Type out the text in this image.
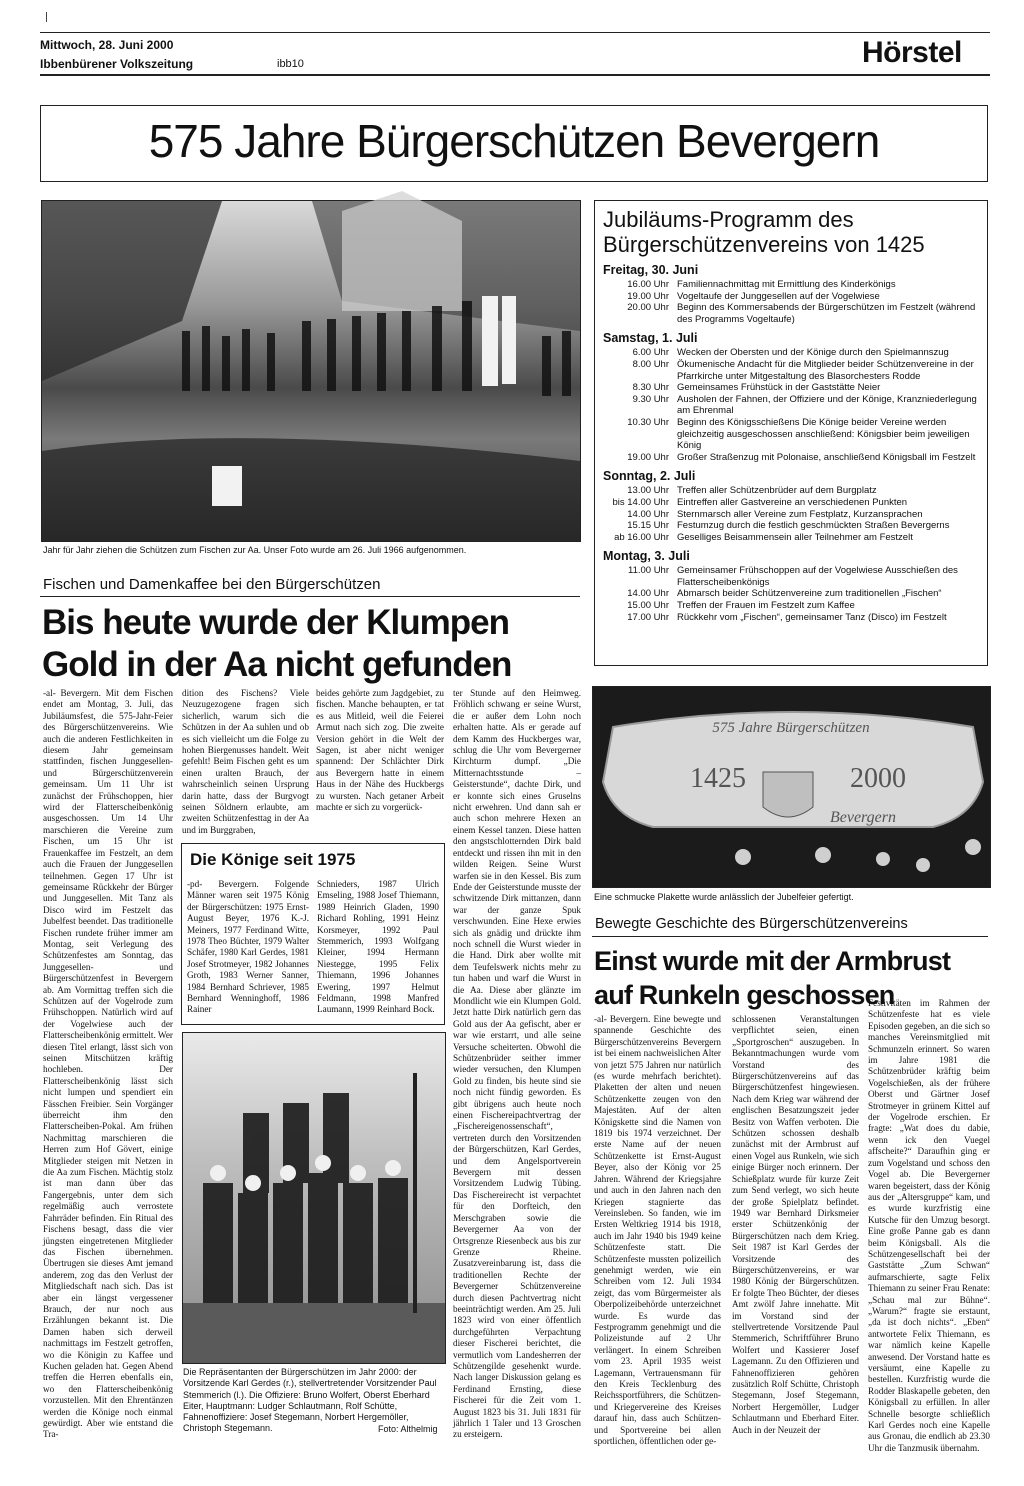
Mittwoch, 28. Juni 2000
Ibbenbürener Volkszeitung	ibb10	Hörstel
575 Jahre Bürgerschützen Bevergern
Jahr für Jahr ziehen die Schützen zum Fischen zur Aa. Unser Foto wurde am 26. Juli 1966 aufgenommen.
Fischen und Damenkaffee bei den Bürgerschützen
Bis heute wurde der Klumpen Gold in der Aa nicht gefunden
-al- Bevergern. Mit dem Fischen endet am Montag, 3. Juli, das Jubiläumsfest, die 575-Jahr-Feier des Bürgerschützenvereins. Wie auch die anderen Festlichkeiten in diesem Jahr gemeinsam stattfinden, fischen Junggesellen- und Bürgerschützenverein gemeinsam. Um 11 Uhr ist zunächst der Frühschoppen, hier wird der Flatterscheibenkönig ausgeschossen. Um 14 Uhr marschieren die Vereine zum Fischen, um 15 Uhr ist Frauenkaffee im Festzelt, an dem auch die Frauen der Junggesellen teilnehmen. Gegen 17 Uhr ist gemeinsame Rückkehr der Bürger und Junggesellen. Mit Tanz als Disco wird im Festzelt das Jubelfest beendet. Das traditionelle Fischen rundete früher immer am Montag, seit Verlegung des Schützenfestes am Sonntag, das Junggesellen- und Bürgerschützenfest in Bevergern ab. Am Vormittag treffen sich die Schützen auf der Vogelrode zum Frühschoppen. Natürlich wird auf der Vogelwiese auch der Flatterscheibenkönig ermittelt. Wer diesen Titel erlangt, lässt sich von seinen Mitschützen kräftig hochleben. Der Flatterscheibenkönig lässt sich nicht lumpen und spendiert ein Fässchen Freibier. Sein Vorgänger überreicht ihm den Flatterscheiben-Pokal. Am frühen Nachmittag marschieren die Herren zum Hof Gövert, einige Mitglieder steigen mit Netzen in die Aa zum Fischen. Mächtig stolz ist man dann über das Fangergebnis, unter dem sich regelmäßig auch verrostete Fahrräder befinden. Ein Ritual des Fischens besagt, dass die vier jüngsten eingetretenen Mitglieder das Fischen übernehmen. Übertrugen sie dieses Amt jemand anderem, zog das den Verlust der Mitgliedschaft nach sich. Das ist aber ein längst vergessener Brauch, der nur noch aus Erzählungen bekannt ist. Die Damen haben sich derweil nachmittags im Festzelt getroffen, wo die Königin zu Kaffee und Kuchen geladen hat. Gegen Abend treffen die Herren ebenfalls ein, wo den Flatterscheibenkönig vorzustellen. Mit den Ehrentänzen werden die Könige noch einmal gewürdigt. Aber wie entstand die Tra-
dition des Fischens? Viele Neuzugezogene fragen sich sicherlich, warum sich die Schützen in der Aa suhlen und ob es sich vielleicht um die Folge zu hohen Biergenusses handelt. Weit gefehlt! Beim Fischen geht es um einen uralten Brauch, der wahrscheinlich seinen Ursprung darin hatte, dass der Burgvogt seinen Söldnern erlaubte, am zweiten Schützenfesttag in der Aa und im Burggraben,
beides gehörte zum Jagdgebiet, zu fischen. Manche behaupten, er tat es aus Mitleid, weil die Feierei Armut nach sich zog. Die zweite Version gehört in die Welt der Sagen, ist aber nicht weniger spannend: Der Schlächter Dirk aus Bevergern hatte in einem Haus in der Nähe des Huckbergs zu wursten. Nach getaner Arbeit machte er sich zu vorgerück-
ter Stunde auf den Heimweg. Fröhlich schwang er seine Wurst, die er außer dem Lohn noch erhalten hatte. Als er gerade auf dem Kamm des Huckberges war, schlug die Uhr vom Bevergerner Kirchturm dumpf. „Die Mitternachtsstunde – Geisterstunde“, dachte Dirk, und er konnte sich eines Gruselns nicht erwehren. Und dann sah er auch schon mehrere Hexen an einem Kessel tanzen. Diese hatten den angstschlotternden Dirk bald entdeckt und rissen ihn mit in den wilden Reigen. Seine Wurst warfen sie in den Kessel. Bis zum Ende der Geisterstunde musste der schwitzende Dirk mittanzen, dann war der ganze Spuk verschwunden. Eine Hexe erwies sich als gnädig und drückte ihm noch schnell die Wurst wieder in die Hand. Dirk aber wollte mit dem Teufelswerk nichts mehr zu tun haben und warf die Wurst in die Aa. Diese aber glänzte im Mondlicht wie ein Klumpen Gold. Jetzt hatte Dirk natürlich gern das Gold aus der Aa gefischt, aber er war wie erstarrt, und alle seine Versuche scheiterten. Obwohl die Schützenbrüder seither immer wieder versuchen, den Klumpen Gold zu finden, bis heute sind sie noch nicht fündig geworden. Es gibt übrigens auch heute noch einen Fischereipachtvertrag der „Fischereigenossenschaft“, vertreten durch den Vorsitzenden der Bürgerschützen, Karl Gerdes, und dem Angelsportverein Bevergern mit dessen Vorsitzendem Ludwig Tübing. Das Fischereirecht ist verpachtet für den Dorfteich, den Merschgraben sowie die Bevergerner Aa von der Ortsgrenze Riesenbeck aus bis zur Grenze Rheine. Zusatzvereinbarung ist, dass die traditionellen Rechte der Bevergerner Schützenvereine durch diesen Pachtvertrag nicht beeinträchtigt werden. Am 25. Juli 1823 wird von einer öffentlich durchgeführten Verpachtung dieser Fischerei berichtet, die vermutlich vom Landesherren der Schützengilde gesehenkt wurde. Nach langer Diskussion gelang es Ferdinand Ernsting, diese Fischerei für die Zeit vom 1. August 1823 bis 31. Juli 1831 für jährlich 1 Taler und 13 Groschen zu ersteigern.
Die Könige seit 1975
-pd- Bevergern. Folgende Männer waren seit 1975 König der Bürgerschützen: 1975 Ernst-August Beyer, 1976 K.-J. Meiners, 1977 Ferdinand Witte, 1978 Theo Büchter, 1979 Walter Schäfer, 1980 Karl Gerdes, 1981 Josef Strotmeyer, 1982 Johannes Groth, 1983 Werner Sanner, 1984 Bernhard Schriever, 1985 Bernhard Wenninghoff, 1986 Rainer
Schnieders, 1987 Ulrich Emseling, 1988 Josef Thiemann, 1989 Heinrich Gladen, 1990 Richard Rohling, 1991 Heinz Korsmeyer, 1992 Paul Stemmerich, 1993 Wolfgang Kleiner, 1994 Hermann Niestegge, 1995 Felix Thiemann, 1996 Johannes Ewering, 1997 Helmut Feldmann, 1998 Manfred Laumann, 1999 Reinhard Bock.
Die Repräsentanten der Bürgerschützen im Jahr 2000: der Vorsitzende Karl Gerdes (r.), stellvertretender Vorsitzender Paul Stemmerich (l.). Die Offiziere: Bruno Wolfert, Oberst Eberhard Eiter, Hauptmann: Ludger Schlautmann, Rolf Schütte, Fahnenoffiziere: Josef Stegemann, Norbert Hergemöller, Christoph Stegemann.	Foto: Althelmig
Jubiläums-Programm des Bürgerschützenvereins von 1425
Freitag, 30. Juni
16.00 Uhr Familiennachmittag mit Ermittlung des Kinderkönigs
19.00 Uhr Vogeltaufe der Junggesellen auf der Vogelwiese
20.00 Uhr Beginn des Kommersabends der Bürgerschützen im Festzelt (während des Programms Vogeltaufe)
Samstag, 1. Juli
6.00 Uhr Wecken der Obersten und der Könige durch den Spielmannszug
8.00 Uhr Ökumenische Andacht für die Mitglieder beider Schützenvereine in der Pfarrkirche unter Mitgestaltung des Blasorchesters Rodde
8.30 Uhr Gemeinsames Frühstück in der Gaststätte Neier
9.30 Uhr Ausholen der Fahnen, der Offiziere und der Könige, Kranzniederlegung am Ehrenmal
10.30 Uhr Beginn des Königsschießens Die Könige beider Vereine werden gleichzeitig ausgeschossen anschließend: Königsbier beim jeweiligen König
19.00 Uhr Großer Straßenzug mit Polonaise, anschließend Königsball im Festzelt
Sonntag, 2. Juli
13.00 Uhr Treffen aller Schützenbrüder auf dem Burgplatz
bis 14.00 Uhr Eintreffen aller Gastvereine an verschiedenen Punkten
14.00 Uhr Sternmarsch aller Vereine zum Festplatz, Kurzansprachen
15.15 Uhr Festumzug durch die festlich geschmückten Straßen Bevergerns
ab 16.00 Uhr Geselliges Beisammensein aller Teilnehmer am Festzelt
Montag, 3. Juli
11.00 Uhr Gemeinsamer Frühschoppen auf der Vogelwiese Ausschießen des Flatterscheibenkönigs
14.00 Uhr Abmarsch beider Schützenvereine zum traditionellen „Fischen“
15.00 Uhr Treffen der Frauen im Festzelt zum Kaffee
17.00 Uhr Rückkehr vom „Fischen“, gemeinsamer Tanz (Disco) im Festzelt
575 Jahre Bürgerschützen
1425	2000
Bevergern
Eine schmucke Plakette wurde anlässlich der Jubelfeier gefertigt.
Bewegte Geschichte des Bürgerschützenvereins
Einst wurde mit der Armbrust auf Runkeln geschossen
-al- Bevergern. Eine bewegte und spannende Geschichte des Bürgerschützenvereins Bevergern ist bei einem nachweislichen Alter von jetzt 575 Jahren nur natürlich (es wurde mehrfach berichtet). Plaketten der alten und neuen Schützenkette zeugen von den Majestäten. Auf der alten Königskette sind die Namen von 1819 bis 1974 verzeichnet. Der erste Name auf der neuen Schützenkette ist Ernst-August Beyer, also der König vor 25 Jahren. Während der Kriegsjahre und auch in den Jahren nach den Kriegen stagnierte das Vereinsleben. So fanden, wie im Ersten Weltkrieg 1914 bis 1918, auch im Jahr 1940 bis 1949 keine Schützenfeste statt. Die Schützenfeste mussten polizeilich genehmigt werden, wie ein Schreiben vom 12. Juli 1934 zeigt, das vom Bürgermeister als Oberpolizeibehörde unterzeichnet wurde. Es wurde das Festprogramm genehmigt und die Polizeistunde auf 2 Uhr verlängert. In einem Schreiben vom 23. April 1935 weist Lagemann, Vertrauensmann für den Kreis Tecklenburg des Reichssportführers, die Schützen- und Kriegervereine des Kreises darauf hin, dass auch Schützen- und Sportvereine bei allen sportlichen, öffentlichen oder ge-
schlossenen Veranstaltungen verpflichtet seien, einen „Sportgroschen“ auszugeben. In Bekanntmachungen wurde vom Vorstand des Bürgerschützenvereins auf das Bürgerschützenfest hingewiesen. Nach dem Krieg war während der englischen Besatzungszeit jeder Besitz von Waffen verboten. Die Schützen schossen deshalb zunächst mit der Armbrust auf einen Vogel aus Runkeln, wie sich einige Bürger noch erinnern. Der Schießplatz wurde für kurze Zeit zum Send verlegt, wo sich heute der große Spielplatz befindet. 1949 war Bernhard Dirksmeier erster Schützenkönig der Bürgerschützen nach dem Krieg. Seit 1987 ist Karl Gerdes der Vorsitzende des Bürgerschützenvereins, er war 1980 König der Bürgerschützen. Er folgte Theo Büchter, der dieses Amt zwölf Jahre innehatte. Mit im Vorstand sind der stellvertretende Vorsitzende Paul Stemmerich, Schriftführer Bruno Wolfert und Kassierer Josef Lagemann. Zu den Offizieren und Fahnenoffizieren gehören zusätzlich Rolf Schütte, Christoph Stegemann, Josef Stegemann, Norbert Hergemöller, Ludger Schlautmann und Eberhard Eiter. Auch in der Neuzeit der
Festivitäten im Rahmen der Schützenfeste hat es viele Episoden gegeben, an die sich so manches Vereinsmitglied mit Schmunzeln erinnert. So waren im Jahre 1981 die Schützenbrüder kräftig beim Vogelschießen, als der frühere Oberst und Gärtner Josef Strotmeyer in grünem Kittel auf der Vogelrode erschien. Er fragte: „Wat does du dabie, wenn ick den Vuegel affscheite?“ Daraufhin ging er zum Vogelstand und schoss den Vogel ab. Die Bevergerner waren begeistert, dass der König aus der „Altersgruppe“ kam, und es wurde kurzfristig eine Kutsche für den Umzug besorgt. Eine große Panne gab es dann beim Königsball. Als die Schützengesellschaft bei der Gaststätte „Zum Schwan“ aufmarschierte, sagte Felix Thiemann zu seiner Frau Renate: „Schau mal zur Bühne“. „Warum?“ fragte sie erstaunt, „da ist doch nichts“. „Eben“ antwortete Felix Thiemann, es war nämlich keine Kapelle anwesend. Der Vorstand hatte es versäumt, eine Kapelle zu bestellen. Kurzfristig wurde die Rodder Blaskapelle gebeten, den Königsball zu erfüllen. In aller Schnelle besorgte schließlich Karl Gerdes noch eine Kapelle aus Gronau, die endlich ab 23.30 Uhr die Tanzmusik übernahm.
